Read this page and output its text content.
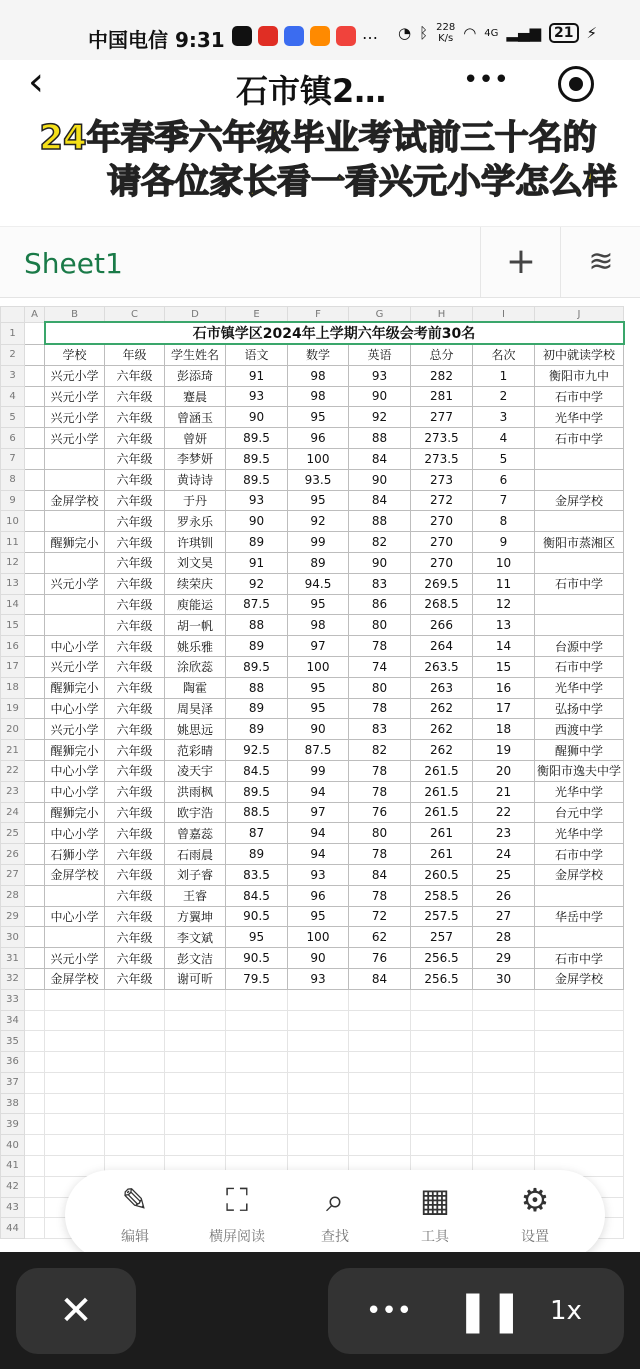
中国电信 9:31	… ◔ ᛒ 228
K/s ◠ 4G ▂▄▆ 21 ⚡
‹	石市镇2…	•••
24年春季六年级毕业考试前三十名的
请各位家长看一看兴元小学怎么样
Sheet1	+	≋
	A	B	C	D	E	F	G	H	I	J
1		石市镇学区2024年上学期六年级会考前30名								
2		学校	年级	学生姓名	语文	数学	英语	总分	名次	初中就读学校
3		兴元小学	六年级	彭添琦	91	98	93	282	1	衡阳市九中
4		兴元小学	六年级	蹇晨	93	98	90	281	2	石市中学
5		兴元小学	六年级	曾涵玉	90	95	92	277	3	光华中学
6		兴元小学	六年级	曾妍	89.5	96	88	273.5	4	石市中学
7			六年级	李梦妍	89.5	100	84	273.5	5	
8			六年级	黄诗诗	89.5	93.5	90	273	6	
9		金屏学校	六年级	于丹	93	95	84	272	7	金屏学校
10			六年级	罗永乐	90	92	88	270	8	
11		醒狮完小	六年级	许琪钏	89	99	82	270	9	衡阳市蒸湘区
12			六年级	刘文昊	91	89	90	270	10	
13		兴元小学	六年级	续荣庆	92	94.5	83	269.5	11	石市中学
14			六年级	庾能运	87.5	95	86	268.5	12	
15			六年级	胡一帆	88	98	80	266	13	
16		中心小学	六年级	姚乐雅	89	97	78	264	14	台源中学
17		兴元小学	六年级	涂欣蕊	89.5	100	74	263.5	15	石市中学
18		醒狮完小	六年级	陶霍	88	95	80	263	16	光华中学
19		中心小学	六年级	周昊泽	89	95	78	262	17	弘扬中学
20		兴元小学	六年级	姚思远	89	90	83	262	18	西渡中学
21		醒狮完小	六年级	范彩晴	92.5	87.5	82	262	19	醒狮中学
22		中心小学	六年级	凌天宇	84.5	99	78	261.5	20	衡阳市逸夫中学
23		中心小学	六年级	洪雨枫	89.5	94	78	261.5	21	光华中学
24		醒狮完小	六年级	欧宇浩	88.5	97	76	261.5	22	台元中学
25		中心小学	六年级	曾嘉蕊	87	94	80	261	23	光华中学
26		石狮小学	六年级	石雨晨	89	94	78	261	24	石市中学
27		金屏学校	六年级	刘子睿	83.5	93	84	260.5	25	金屏学校
28			六年级	王睿	84.5	96	78	258.5	26	
29		中心小学	六年级	方翼坤	90.5	95	72	257.5	27	华岳中学
30			六年级	李文斌	95	100	62	257	28	
31		兴元小学	六年级	彭文洁	90.5	90	76	256.5	29	石市中学
32		金屏学校	六年级	谢可昕	79.5	93	84	256.5	30	金屏学校
33										
34										
35										
36										
37										
38										
39										
40										
41										
42										
43										
44										
✎
编辑
⛶
横屏阅读
⌕
查找
▦
工具
⚙
设置
✕	••• ❚❚ 1x
